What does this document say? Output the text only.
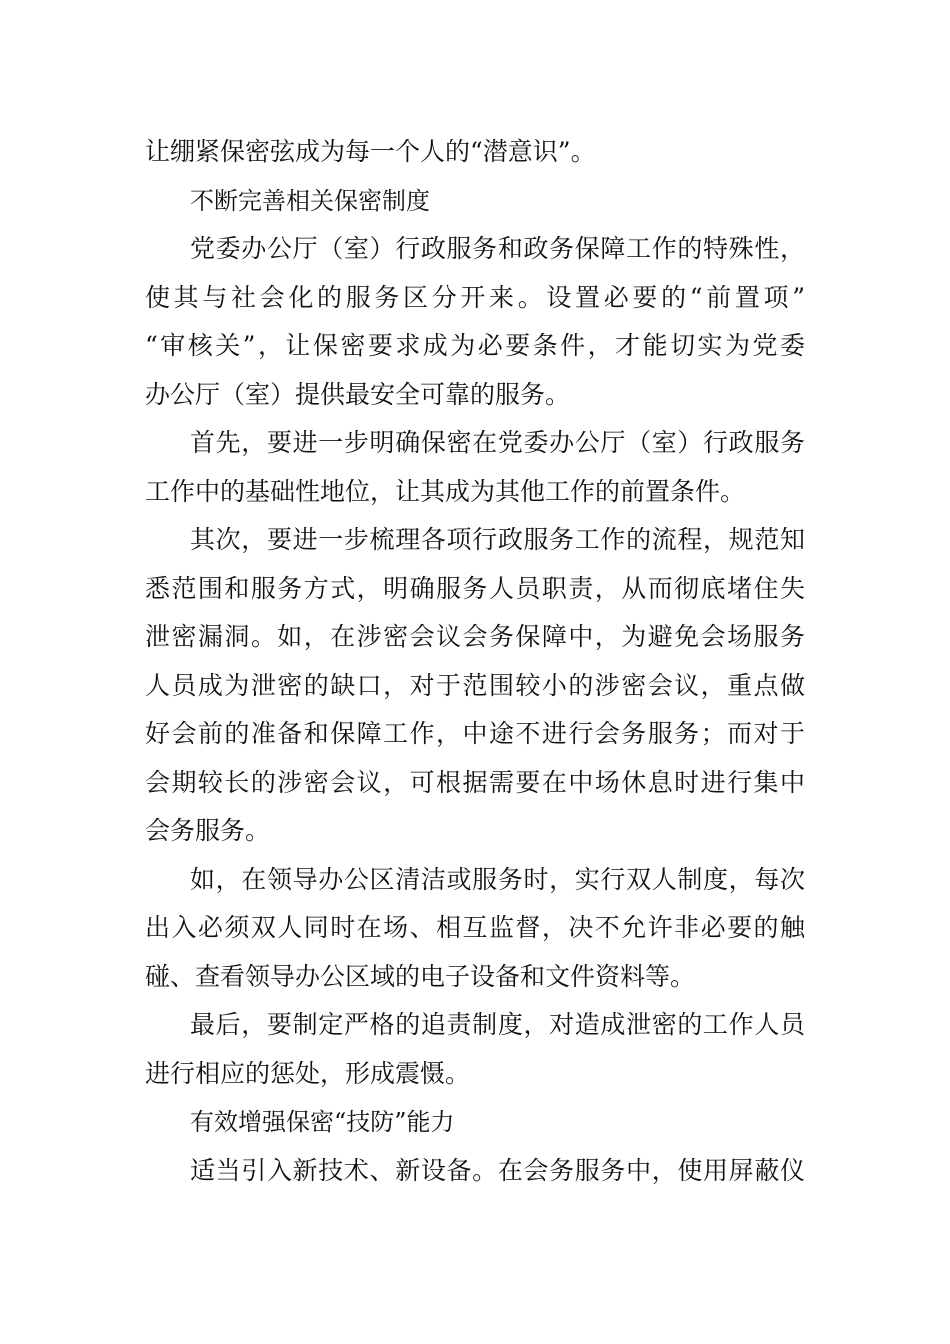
让绷紧保密弦成为每一个人的“潜意识”。
不断完善相关保密制度
党委办公厅（室）行政服务和政务保障工作的特殊性，
使其与社会化的服务区分开来。设置必要的“前置项”
“审核关”，让保密要求成为必要条件，才能切实为党委
办公厅（室）提供最安全可靠的服务。
首先，要进一步明确保密在党委办公厅（室）行政服务
工作中的基础性地位，让其成为其他工作的前置条件。
其次，要进一步梳理各项行政服务工作的流程，规范知
悉范围和服务方式，明确服务人员职责，从而彻底堵住失
泄密漏洞。如，在涉密会议会务保障中，为避免会场服务
人员成为泄密的缺口，对于范围较小的涉密会议，重点做
好会前的准备和保障工作，中途不进行会务服务；而对于
会期较长的涉密会议，可根据需要在中场休息时进行集中
会务服务。
如，在领导办公区清洁或服务时，实行双人制度，每次
出入必须双人同时在场、相互监督，决不允许非必要的触
碰、查看领导办公区域的电子设备和文件资料等。
最后，要制定严格的追责制度，对造成泄密的工作人员
进行相应的惩处，形成震慑。
有效增强保密“技防”能力
适当引入新技术、新设备。在会务服务中，使用屏蔽仪
